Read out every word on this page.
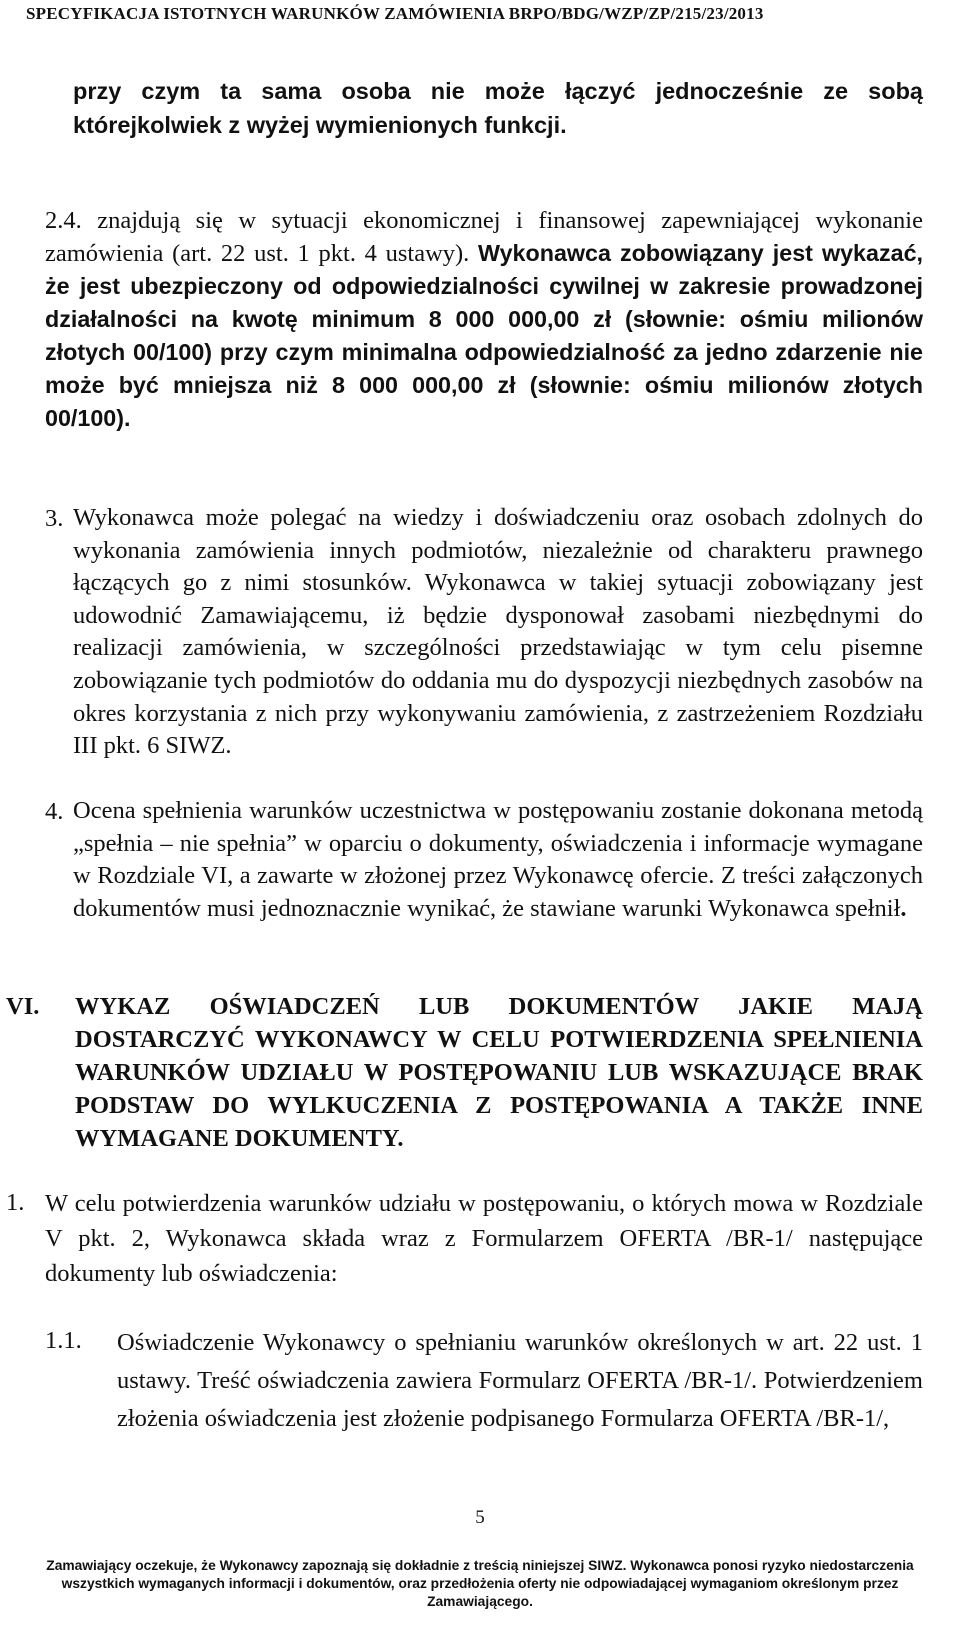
SPECYFIKACJA ISTOTNYCH WARUNKÓW ZAMÓWIENIA BRPO/BDG/WZP/ZP/215/23/2013
przy czym ta sama osoba nie może łączyć jednocześnie ze sobą którejkolwiek z wyżej wymienionych funkcji.
2.4. znajdują się w sytuacji ekonomicznej i finansowej zapewniającej wykonanie zamówienia (art. 22 ust. 1 pkt. 4 ustawy). Wykonawca zobowiązany jest wykazać, że jest ubezpieczony od odpowiedzialności cywilnej w zakresie prowadzonej działalności na kwotę minimum 8 000 000,00 zł (słownie: ośmiu milionów złotych 00/100) przy czym minimalna odpowiedzialność za jedno zdarzenie nie może być mniejsza niż 8 000 000,00 zł (słownie: ośmiu milionów złotych 00/100).
3. Wykonawca może polegać na wiedzy i doświadczeniu oraz osobach zdolnych do wykonania zamówienia innych podmiotów, niezależnie od charakteru prawnego łączących go z nimi stosunków. Wykonawca w takiej sytuacji zobowiązany jest udowodnić Zamawiającemu, iż będzie dysponował zasobami niezbędnymi do realizacji zamówienia, w szczególności przedstawiając w tym celu pisemne zobowiązanie tych podmiotów do oddania mu do dyspozycji niezbędnych zasobów na okres korzystania z nich przy wykonywaniu zamówienia, z zastrzeżeniem Rozdziału III pkt. 6 SIWZ.
4. Ocena spełnienia warunków uczestnictwa w postępowaniu zostanie dokonana metodą „spełnia – nie spełnia” w oparciu o dokumenty, oświadczenia i informacje wymagane w Rozdziale VI, a zawarte w złożonej przez Wykonawcę ofercie. Z treści załączonych dokumentów musi jednoznacznie wynikać, że stawiane warunki Wykonawca spełnił.
VI. WYKAZ OŚWIADCZEŃ LUB DOKUMENTÓW JAKIE MAJĄ DOSTARCZYĆ WYKONAWCY W CELU POTWIERDZENIA SPEŁNIENIA WARUNKÓW UDZIAŁU W POSTĘPOWANIU LUB WSKAZUJĄCE BRAK PODSTAW DO WYLKUCZENIA Z POSTĘPOWANIA A TAKŻE INNE WYMAGANE DOKUMENTY.
1. W celu potwierdzenia warunków udziału w postępowaniu, o których mowa w Rozdziale V pkt. 2, Wykonawca składa wraz z Formularzem OFERTA /BR-1/ następujące dokumenty lub oświadczenia:
1.1. Oświadczenie Wykonawcy o spełnianiu warunków określonych w art. 22 ust. 1 ustawy. Treść oświadczenia zawiera Formularz OFERTA /BR-1/. Potwierdzeniem złożenia oświadczenia jest złożenie podpisanego Formularza OFERTA /BR-1/,
5
Zamawiający oczekuje, że Wykonawcy zapoznają się dokładnie z treścią niniejszej SIWZ. Wykonawca ponosi ryzyko niedostarczenia wszystkich wymaganych informacji i dokumentów, oraz przedłożenia oferty nie odpowiadającej wymaganiom określonym przez Zamawiającego.
